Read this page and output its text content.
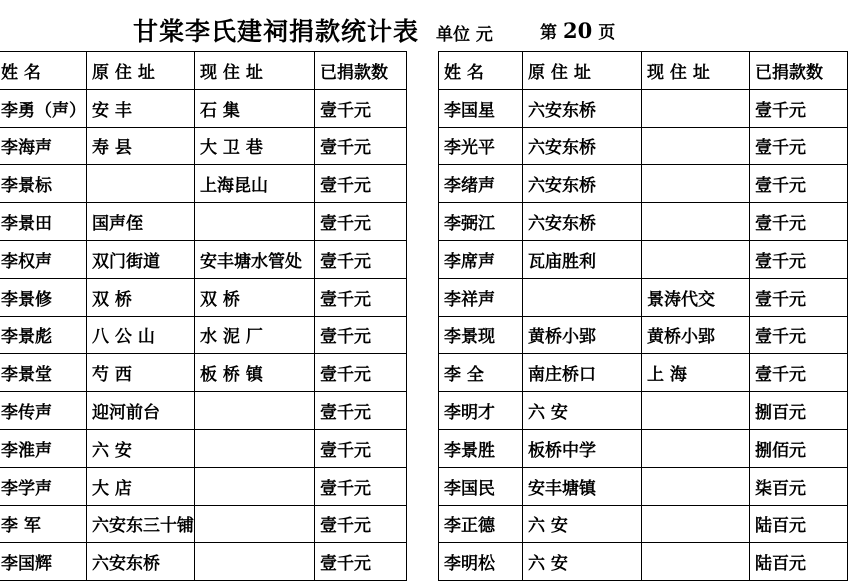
甘棠李氏建祠捐款统计表 单位 元	第 20 页
姓 名	原 住 址	现 住 址	已捐款数
李勇（声）	安 丰	石 集	壹千元
李海声	寿 县	大 卫 巷	壹千元
李景标		上海昆山	壹千元
李景田	国声侄		壹千元
李权声	双门街道	安丰塘水管处	壹千元
李景修	双 桥	双 桥	壹千元
李景彪	八 公 山	水 泥 厂	壹千元
李景堂	芍 西	板 桥 镇	壹千元
李传声	迎河前台		壹千元
李淮声	六 安		壹千元
李学声	大 店		壹千元
李 军	六安东三十铺		壹千元
李国辉	六安东桥		壹千元
姓 名	原 住 址	现 住 址	已捐款数
李国星	六安东桥		壹千元
李光平	六安东桥		壹千元
李绪声	六安东桥		壹千元
李弼江	六安东桥		壹千元
李席声	瓦庙胜利		壹千元
李祥声		景涛代交	壹千元
李景现	黄桥小郢	黄桥小郢	壹千元
李 全	南庄桥口	上 海	壹千元
李明才	六 安		捌百元
李景胜	板桥中学		捌佰元
李国民	安丰塘镇		柒百元
李正德	六 安		陆百元
李明松	六 安		陆百元
